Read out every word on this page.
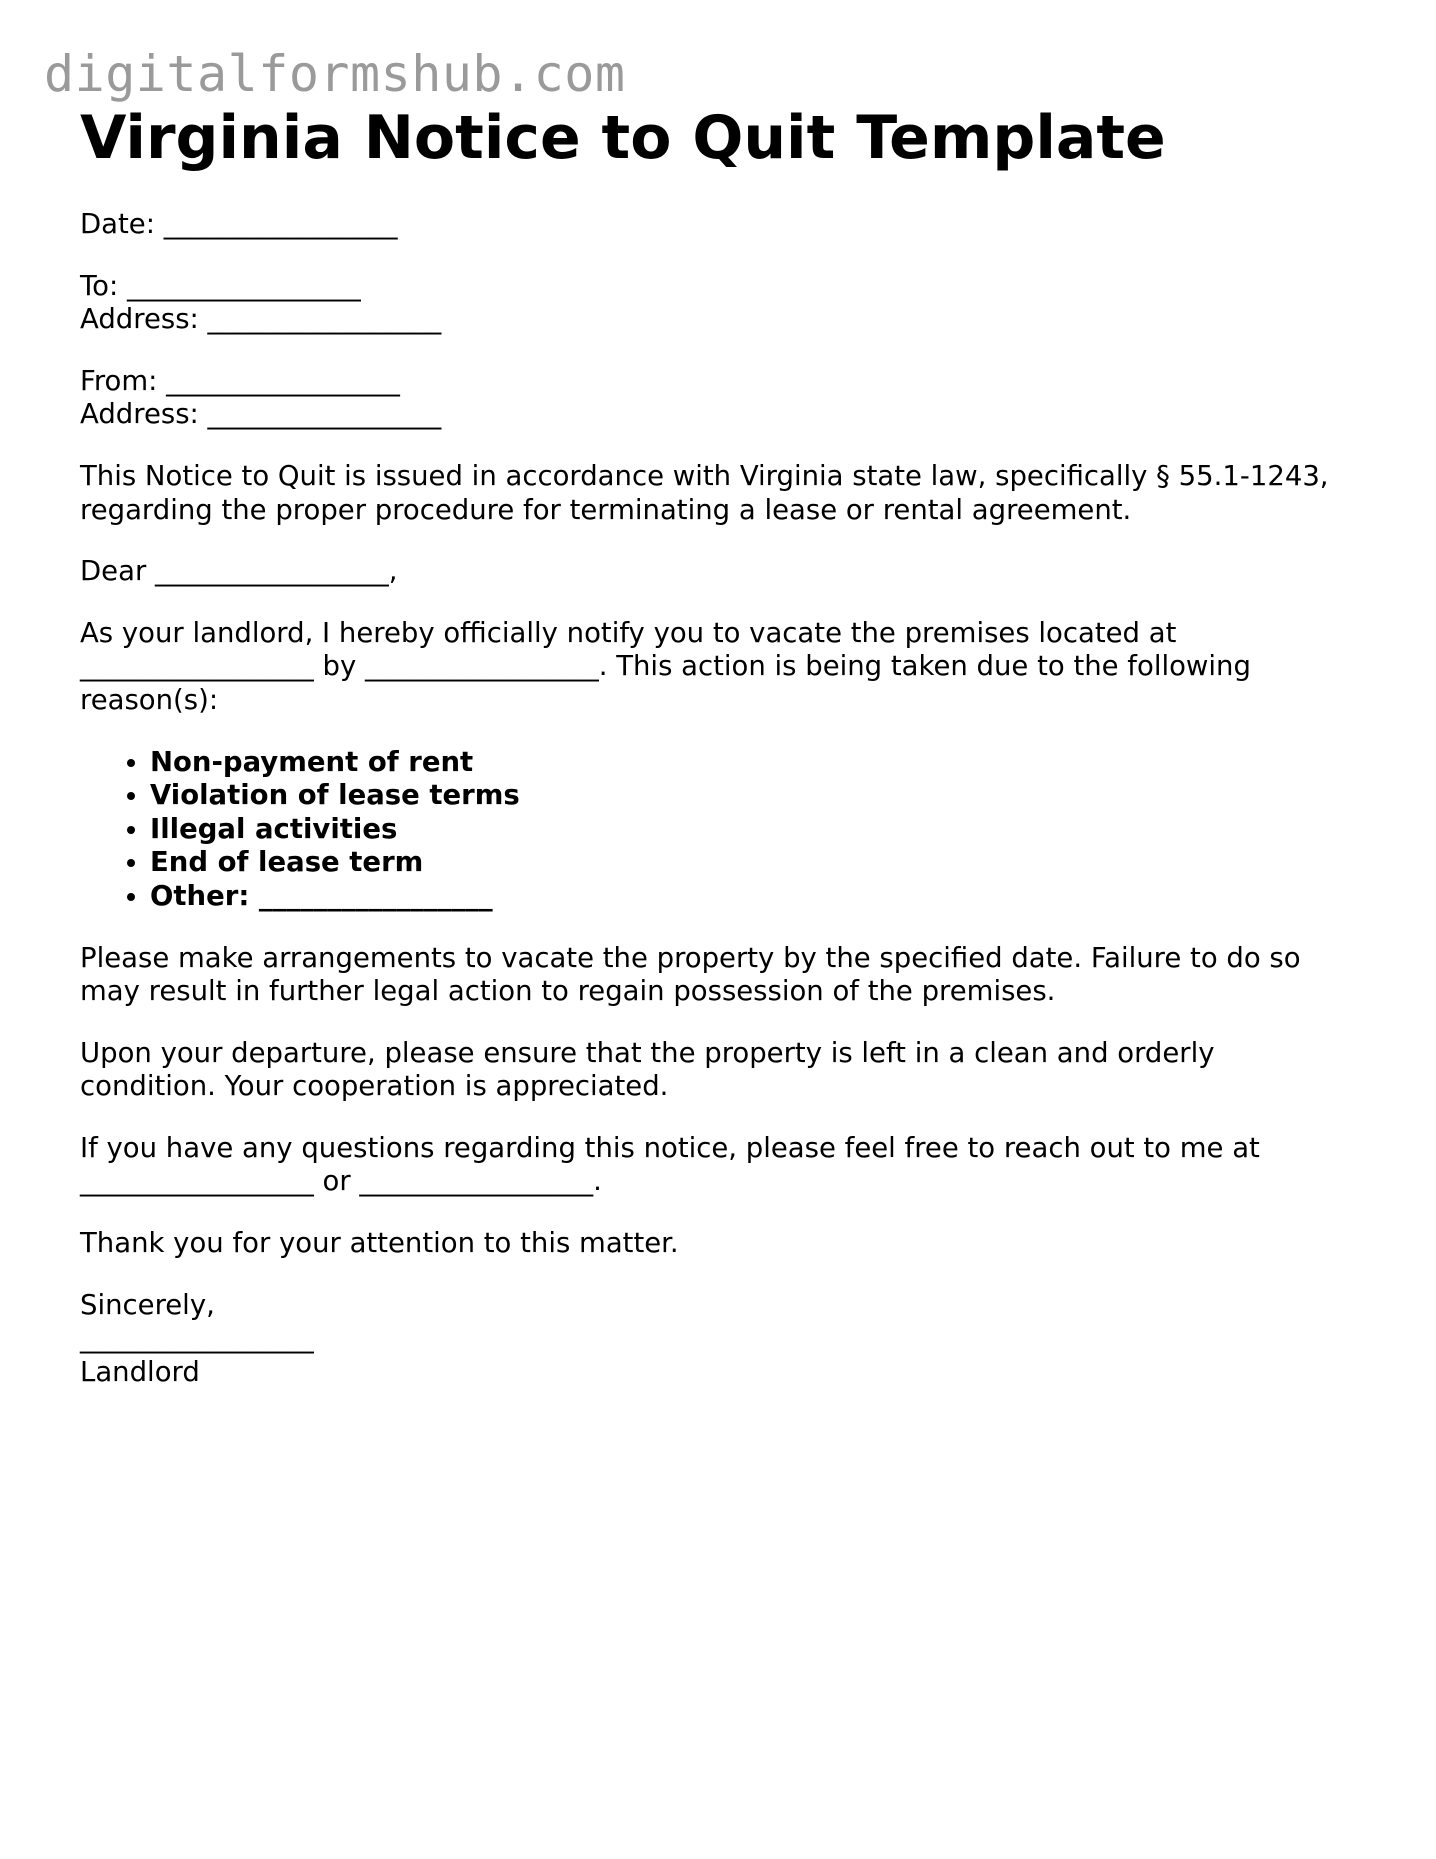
digitalformshub.com
Virginia Notice to Quit Template

Date: _________________

To: _________________

Address: _________________

From: _________________

Address: _________________

This Notice to Quit is issued in accordance with Virginia state law, specifically § 55.1-1243,

regarding the proper procedure for terminating a lease or rental agreement.

Dear _________________,

As your landlord, I hereby officially notify you to vacate the premises located at

_________________ by _________________. This action is being taken due to the following

reason(s):

• Non-payment of rent
• Violation of lease terms
• Illegal activities
• End of lease term
• Other: _________________

Please make arrangements to vacate the property by the specified date. Failure to do so

may result in further legal action to regain possession of the premises.

Upon your departure, please ensure that the property is left in a clean and orderly

condition. Your cooperation is appreciated.

If you have any questions regarding this notice, please feel free to reach out to me at

_________________ or _________________.

Thank you for your attention to this matter.

Sincerely,

_________________

Landlord
